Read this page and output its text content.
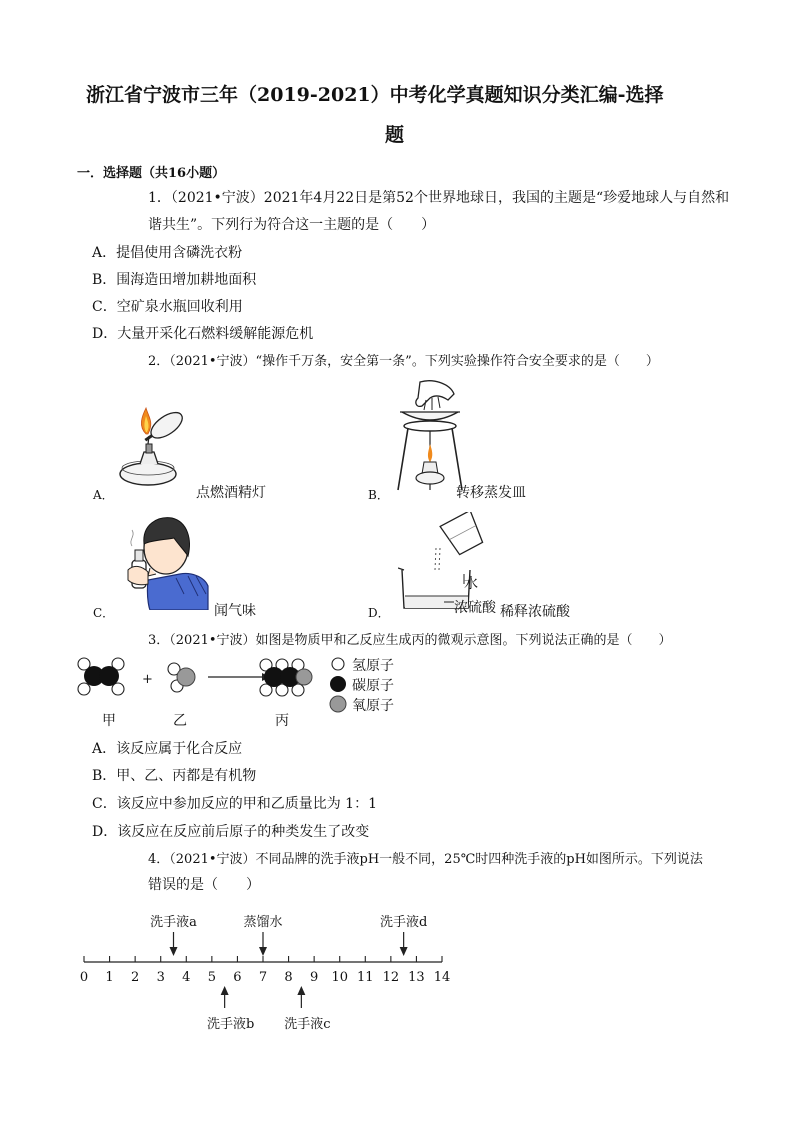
浙江省宁波市三年（2019-2021）中考化学真题知识分类汇编-选择
题
一．选择题（共16小题）
1．（2021•宁波）2021年4月22日是第52个世界地球日，我国的主题是“珍爱地球人与自然和
谐共生”。下列行为符合这一主题的是（　　）
A．提倡使用含磷洗衣粉
B．围海造田增加耕地面积
C．空矿泉水瓶回收利用
D．大量开采化石燃料缓解能源危机
2．（2021•宁波）“操作千万条，安全第一条”。下列实验操作符合安全要求的是（　　）
A．	点燃酒精灯	B．	转移蒸发皿
C．	闻气味
水
D．	浓硫酸 稀释浓硫酸
3．（2021•宁波）如图是物质甲和乙反应生成丙的微观示意图。下列说法正确的是（　　）
+
氢原子
碳原子
氧原子
甲	乙	丙
A．该反应属于化合反应
B．甲、乙、丙都是有机物
C．该反应中参加反应的甲和乙质量比为 1：1
D．该反应在反应前后原子的种类发生了改变
4．（2021•宁波）不同品牌的洗手液pH一般不同，25℃时四种洗手液的pH如图所示。下列说法
错误的是（　　）
0 1 2 3 4 5 6 7 8 9 10 11 12 13 14
洗手液a	蒸馏水	洗手液d
洗手液b 洗手液c
